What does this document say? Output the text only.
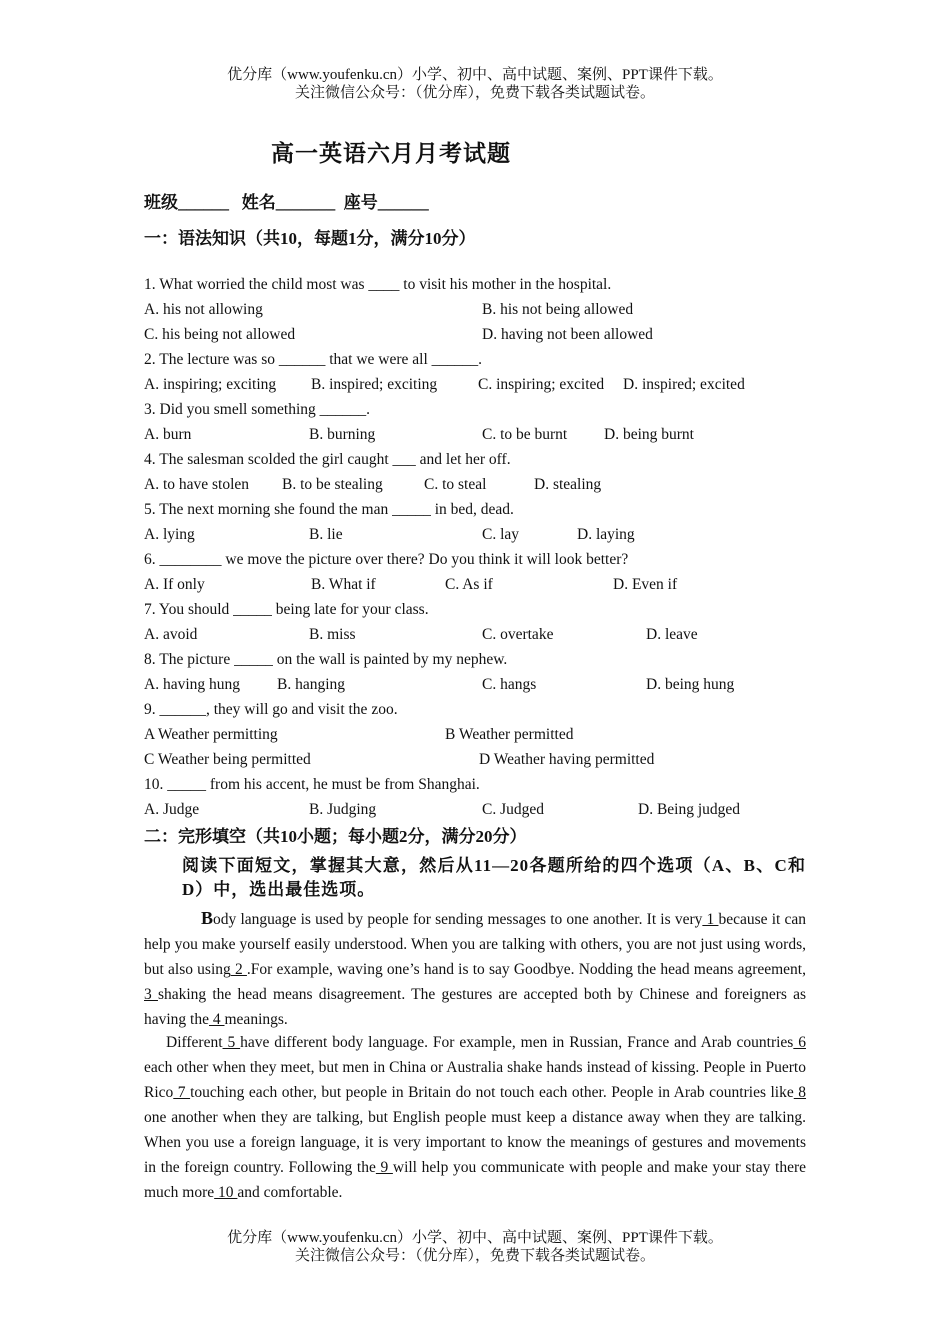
优分库（www.youfenku.cn）小学、初中、高中试题、案例、PPT课件下载。
关注微信公众号：（优分库），免费下载各类试题试卷。
高一英语六月月考试题
班级______   姓名_______  座号______
一：语法知识（共10，每题1分，满分10分）
1. What worried the child most was ____ to visit his mother in the hospital.
A. his not allowing	B. his not being allowed
C. his being not allowed	D. having not been allowed
2. The lecture was so ______ that we were all ______.
A. inspiring; exciting B. inspired; exciting	C. inspiring; excited D. inspired; excited
3. Did you smell something ______.
A. burn	B. burning	C. to be burnt D. being burnt
4. The salesman scolded the girl caught ___ and let her off.
A. to have stolen B. to be stealing	C. to steal	D. stealing
5. The next morning she found the man _____ in bed, dead.
A. lying	B. lie	C. lay	D. laying
6. ________ we move the picture over there? Do you think it will look better?
A. If only	B. What if	C. As if	D. Even if
7. You should _____ being late for your class.
A. avoid	B. miss	C. overtake	D. leave
8. The picture _____ on the wall is painted by my nephew.
A. having hung B. hanging	C. hangs	D. being hung
9. ______, they will go and visit the zoo.
A Weather permitting	B Weather permitted
C Weather being permitted	D Weather having permitted
10. _____ from his accent, he must be from Shanghai.
A. Judge	B. Judging	C. Judged	D. Being judged
二：完形填空（共10小题；每小题2分，满分20分）
阅读下面短文，掌握其大意，然后从11—20各题所给的四个选项（A、B、C和D）中，选出最佳选项。

Body language is used by people for sending messages to one another. It is very 1 because it can help you make yourself easily understood. When you are talking with others, you are not just using words, but also using 2 .For example, waving one’s hand is to say Goodbye. Nodding the head means agreement, 3 shaking the head means disagreement. The gestures are accepted both by Chinese and foreigners as having the 4 meanings.

Different 5 have different body language. For example, men in Russian, France and Arab countries 6 each other when they meet, but men in China or Australia shake hands instead of kissing. People in Puerto Rico 7 touching each other, but people in Britain do not touch each other. People in Arab countries like 8 one another when they are talking, but English people must keep a distance away when they are talking. When you use a foreign language, it is very important to know the meanings of gestures and movements in the foreign country. Following the 9 will help you communicate with people and make your stay there much more 10 and comfortable.

优分库（www.youfenku.cn）小学、初中、高中试题、案例、PPT课件下载。
关注微信公众号：（优分库），免费下载各类试题试卷。
